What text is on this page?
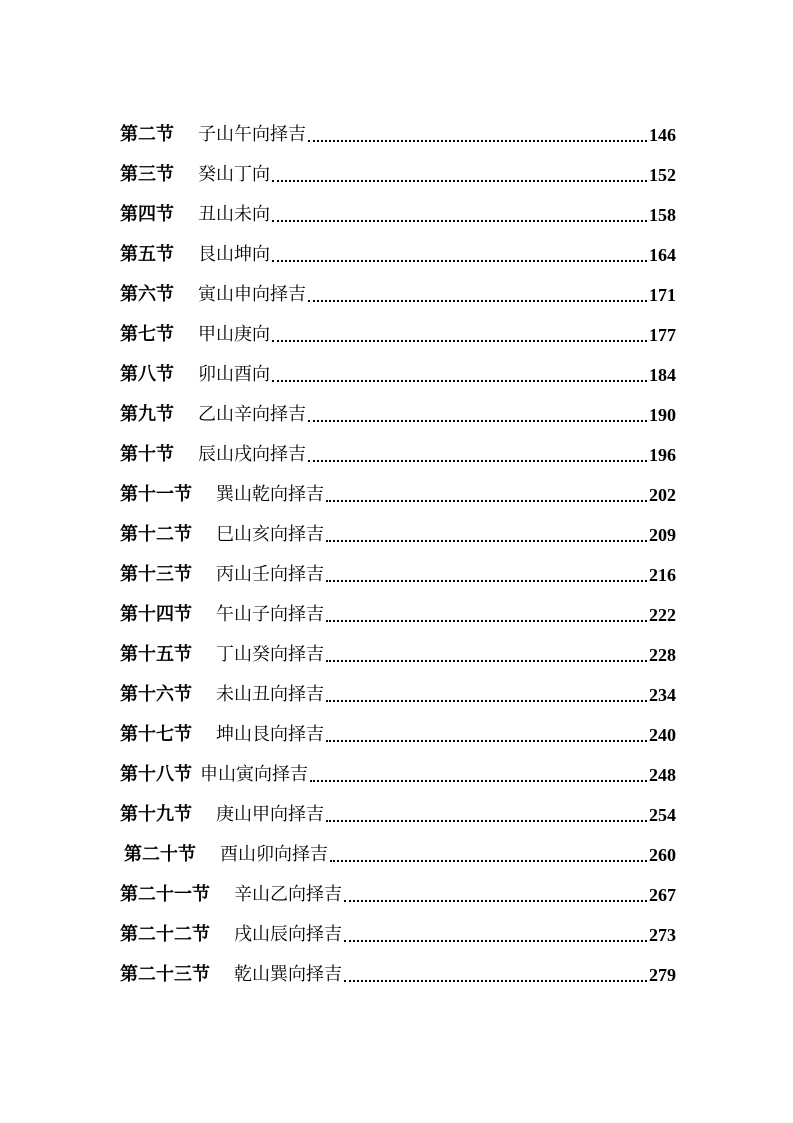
第二节 子山午向择吉	146
第三节 癸山丁向	152
第四节 丑山未向	158
第五节 艮山坤向	164
第六节 寅山申向择吉	171
第七节 甲山庚向	177
第八节 卯山酉向	184
第九节 乙山辛向择吉	190
第十节 辰山戌向择吉	196
第十一节 巽山乾向择吉	202
第十二节 巳山亥向择吉	209
第十三节 丙山壬向择吉	216
第十四节 午山子向择吉	222
第十五节 丁山癸向择吉	228
第十六节 未山丑向择吉	234
第十七节 坤山艮向择吉	240
第十八节 申山寅向择吉	248
第十九节 庚山甲向择吉	254
第二十节 酉山卯向择吉	260
第二十一节 辛山乙向择吉	267
第二十二节 戌山辰向择吉	273
第二十三节 乾山巽向择吉	279
